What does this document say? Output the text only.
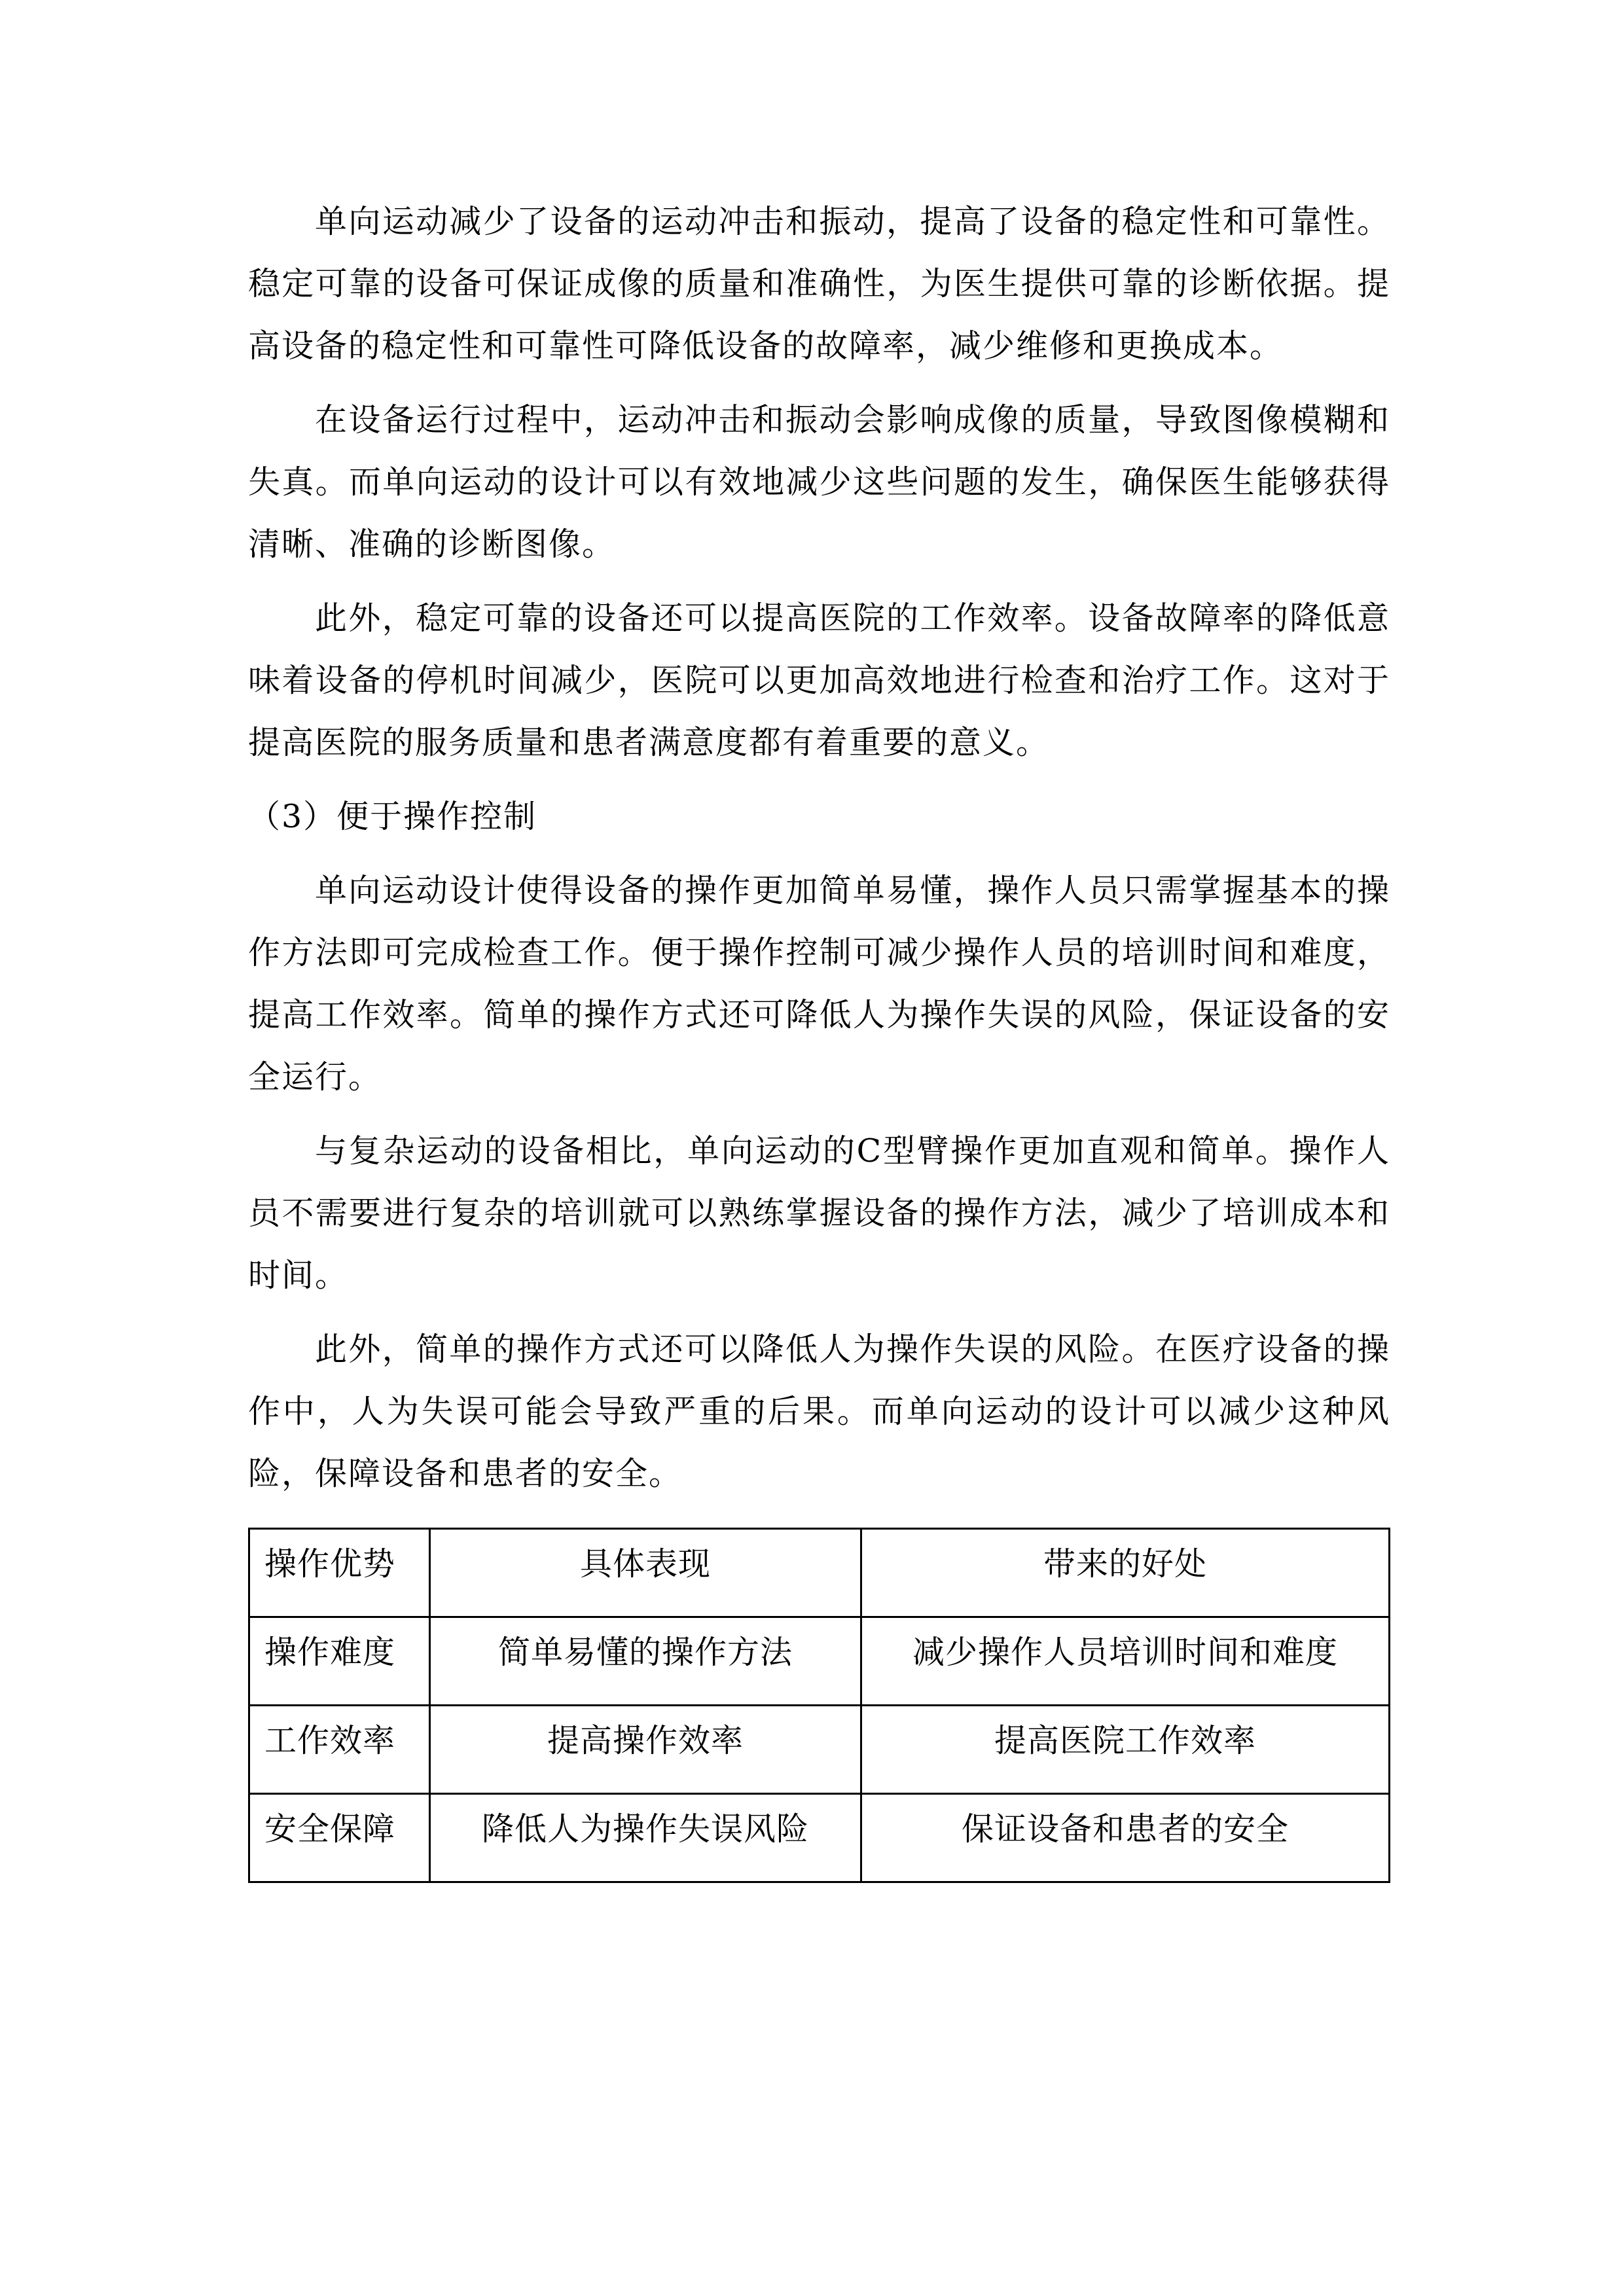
单向运动减少了设备的运动冲击和振动，提高了设备的稳定性和可靠性。稳定可靠的设备可保证成像的质量和准确性，为医生提供可靠的诊断依据。提高设备的稳定性和可靠性可降低设备的故障率，减少维修和更换成本。

在设备运行过程中，运动冲击和振动会影响成像的质量，导致图像模糊和失真。而单向运动的设计可以有效地减少这些问题的发生，确保医生能够获得清晰、准确的诊断图像。

此外，稳定可靠的设备还可以提高医院的工作效率。设备故障率的降低意味着设备的停机时间减少，医院可以更加高效地进行检查和治疗工作。这对于提高医院的服务质量和患者满意度都有着重要的意义。

（3）便于操作控制

单向运动设计使得设备的操作更加简单易懂，操作人员只需掌握基本的操作方法即可完成检查工作。便于操作控制可减少操作人员的培训时间和难度，提高工作效率。简单的操作方式还可降低人为操作失误的风险，保证设备的安全运行。

与复杂运动的设备相比，单向运动的C型臂操作更加直观和简单。操作人员不需要进行复杂的培训就可以熟练掌握设备的操作方法，减少了培训成本和时间。

此外，简单的操作方式还可以降低人为操作失误的风险。在医疗设备的操作中，人为失误可能会导致严重的后果。而单向运动的设计可以减少这种风险，保障设备和患者的安全。

操作优势	具体表现	带来的好处
操作难度	简单易懂的操作方法	减少操作人员培训时间和难度
工作效率	提高操作效率	提高医院工作效率
安全保障	降低人为操作失误风险	保证设备和患者的安全
